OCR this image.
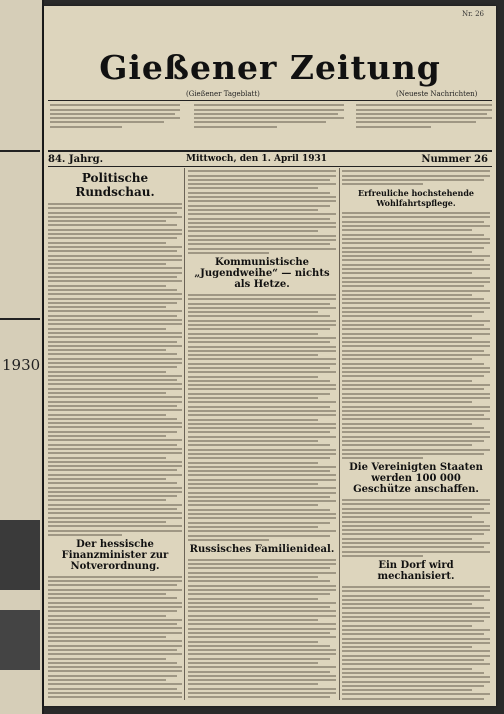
1930
Nr. 26
Gießener Zeitung
(Gießener Tageblatt)	(Neueste Nachrichten)
84. Jahrg.	Mittwoch, den 1. April 1931	Nummer 26
Politische Rundschau.
Der hessische Finanzminister zur Notverordnung.
Kommunistische „Jugendweihe“ — nichts als Hetze.
Russisches Familienideal.
Erfreuliche hochstehende Wohlfahrtspflege.
Die Vereinigten Staaten werden 100 000 Geschütze anschaffen.
Ein Dorf wird mechanisiert.
